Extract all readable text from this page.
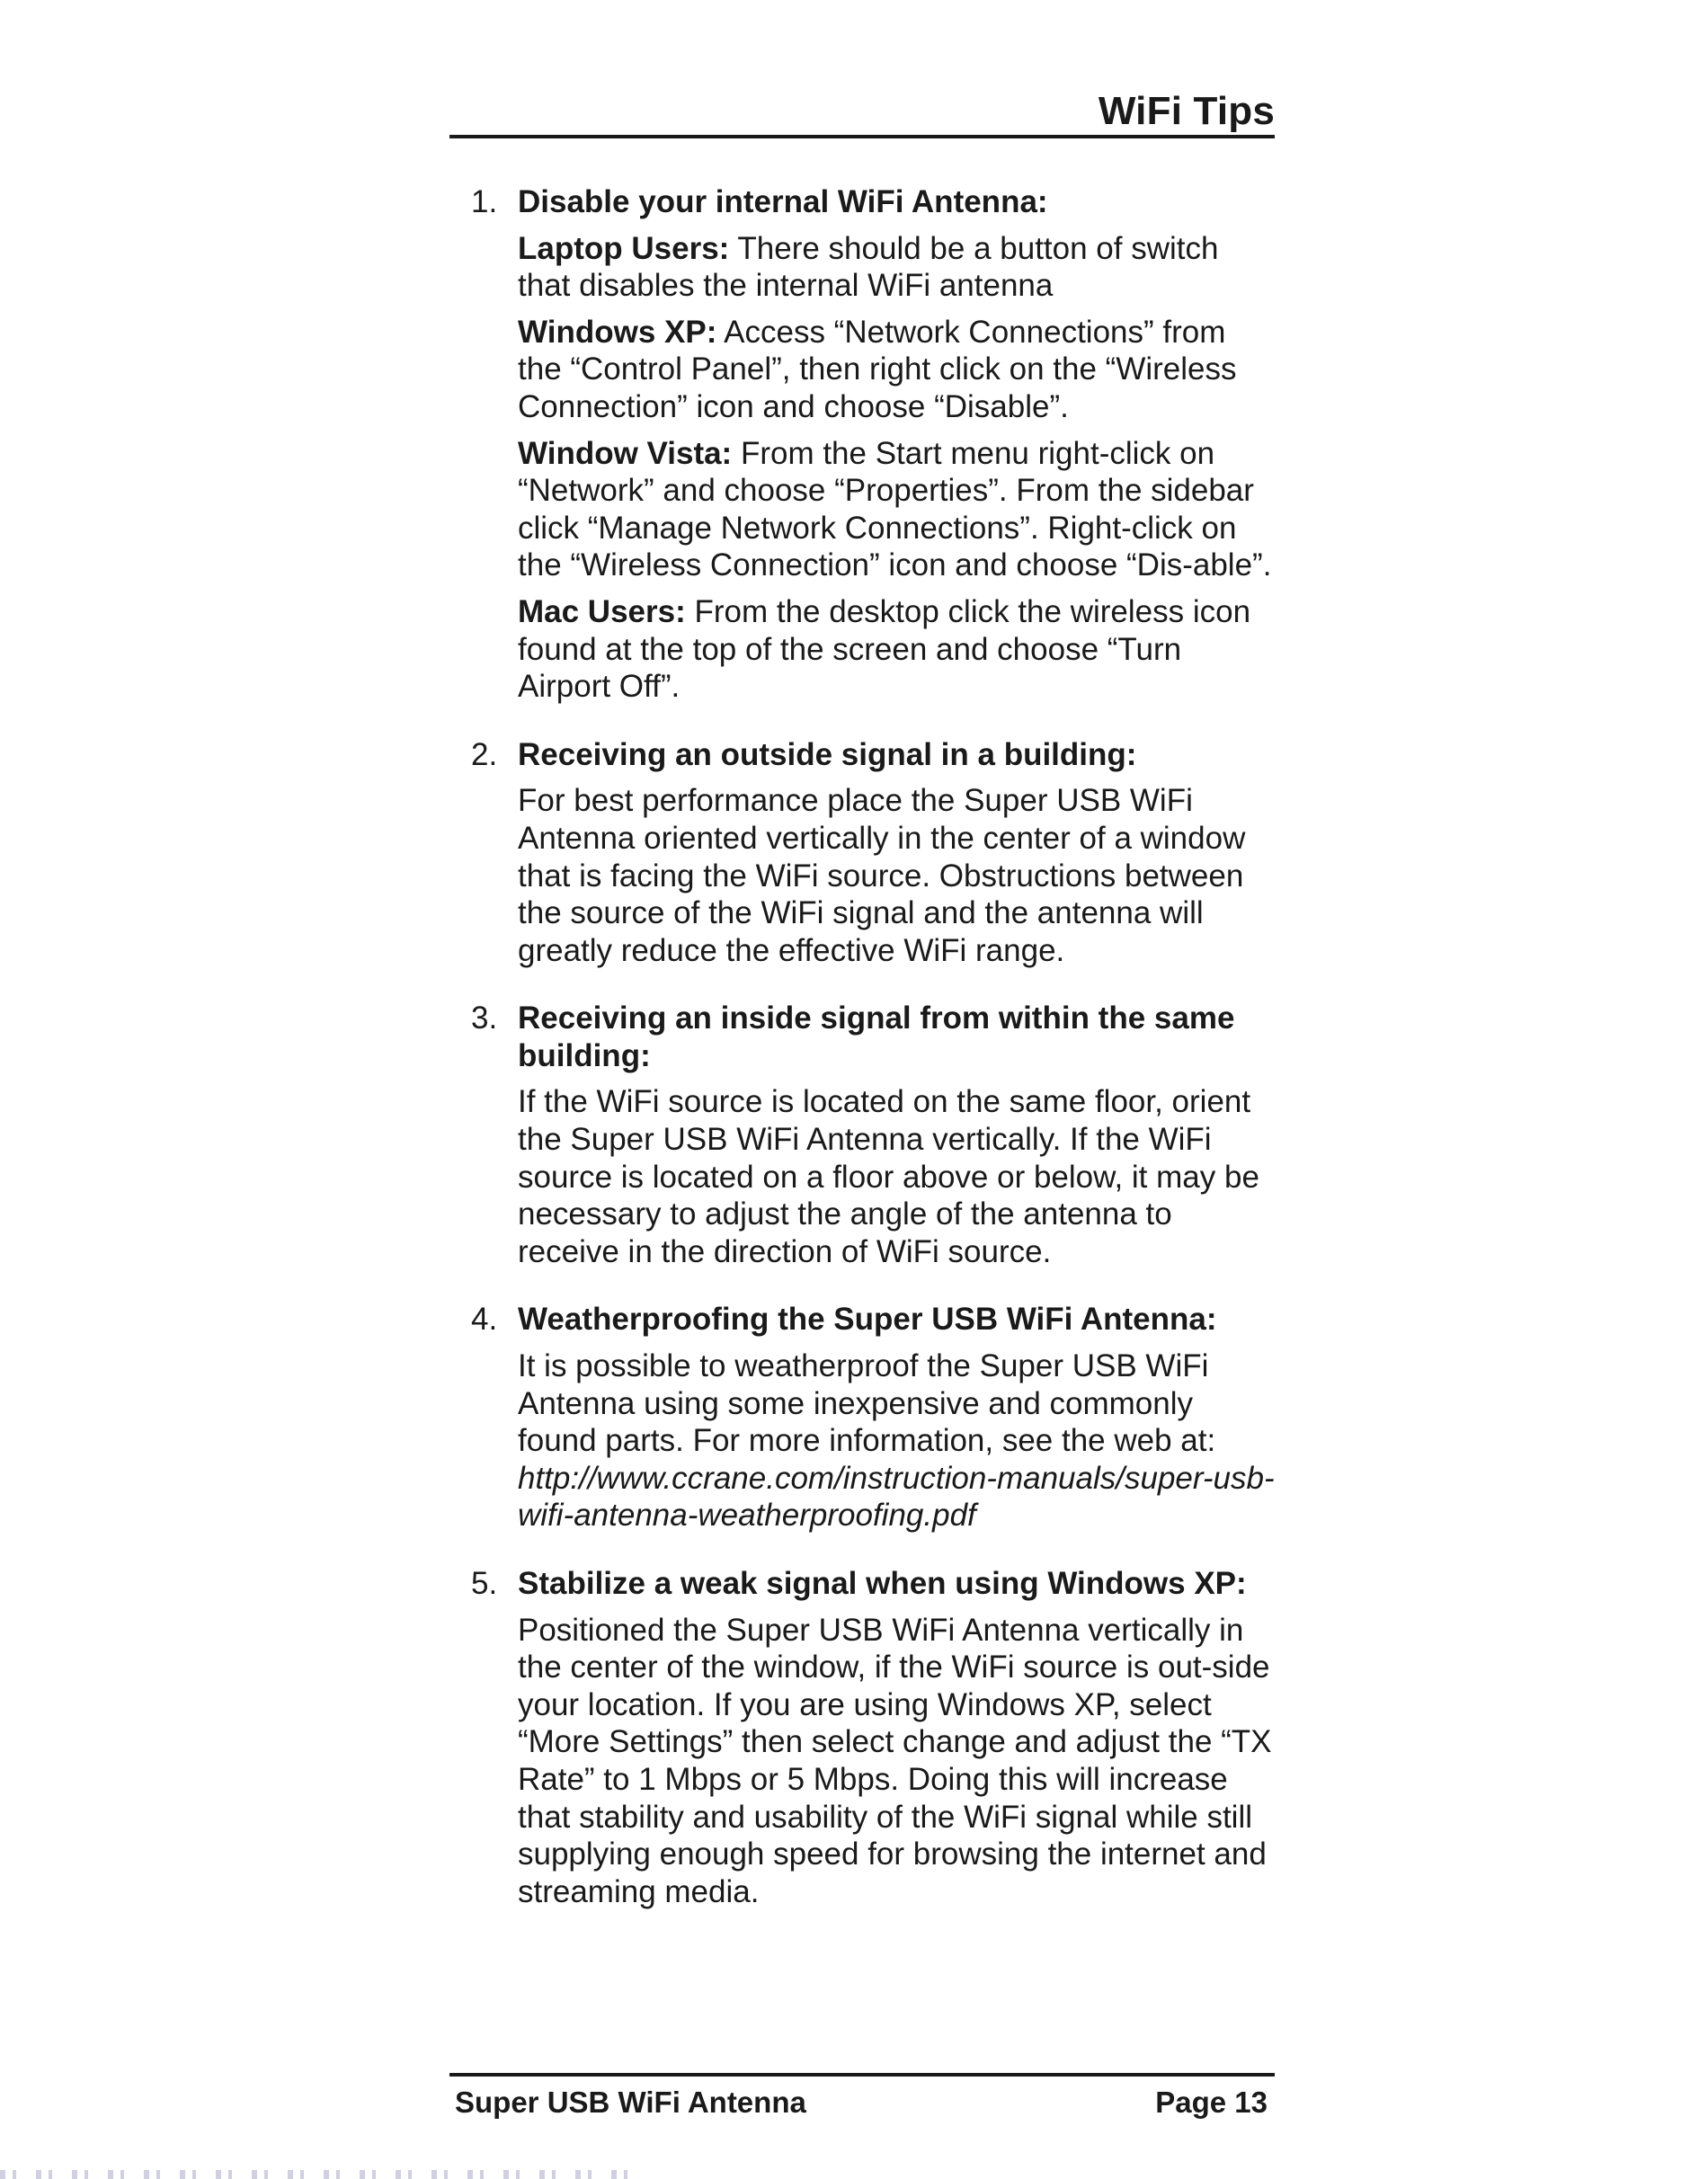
WiFi Tips
1. Disable your internal WiFi Antenna:

Laptop Users: There should be a button of switch that disables the internal WiFi antenna

Windows XP: Access “Network Connections” from the “Control Panel”, then right click on the “Wireless Connection” icon and choose “Disable”.

Window Vista: From the Start menu right-click on “Network” and choose “Properties”. From the sidebar click “Manage Network Connections”. Right-click on the “Wireless Connection” icon and choose “Dis-able”.

Mac Users: From the desktop click the wireless icon found at the top of the screen and choose “Turn Airport Off”.

2. Receiving an outside signal in a building:

For best performance place the Super USB WiFi Antenna oriented vertically in the center of a window that is facing the WiFi source. Obstructions between the source of the WiFi signal and the antenna will greatly reduce the effective WiFi range.

3. Receiving an inside signal from within the same building:

If the WiFi source is located on the same floor, orient the Super USB WiFi Antenna vertically. If the WiFi source is located on a floor above or below, it may be necessary to adjust the angle of the antenna to receive in the direction of WiFi source.

4. Weatherproofing the Super USB WiFi Antenna:

It is possible to weatherproof the Super USB WiFi Antenna using some inexpensive and commonly found parts. For more information, see the web at:
http://www.ccrane.com/instruction-manuals/super-usb-wifi-antenna-weatherproofing.pdf

5. Stabilize a weak signal when using Windows XP:

Positioned the Super USB WiFi Antenna vertically in the center of the window, if the WiFi source is out-side your location. If you are using Windows XP, select “More Settings” then select change and adjust the “TX Rate” to 1 Mbps or 5 Mbps. Doing this will increase that stability and usability of the WiFi signal while still supplying enough speed for browsing the internet and streaming media.

Super USB WiFi Antenna	Page 13
